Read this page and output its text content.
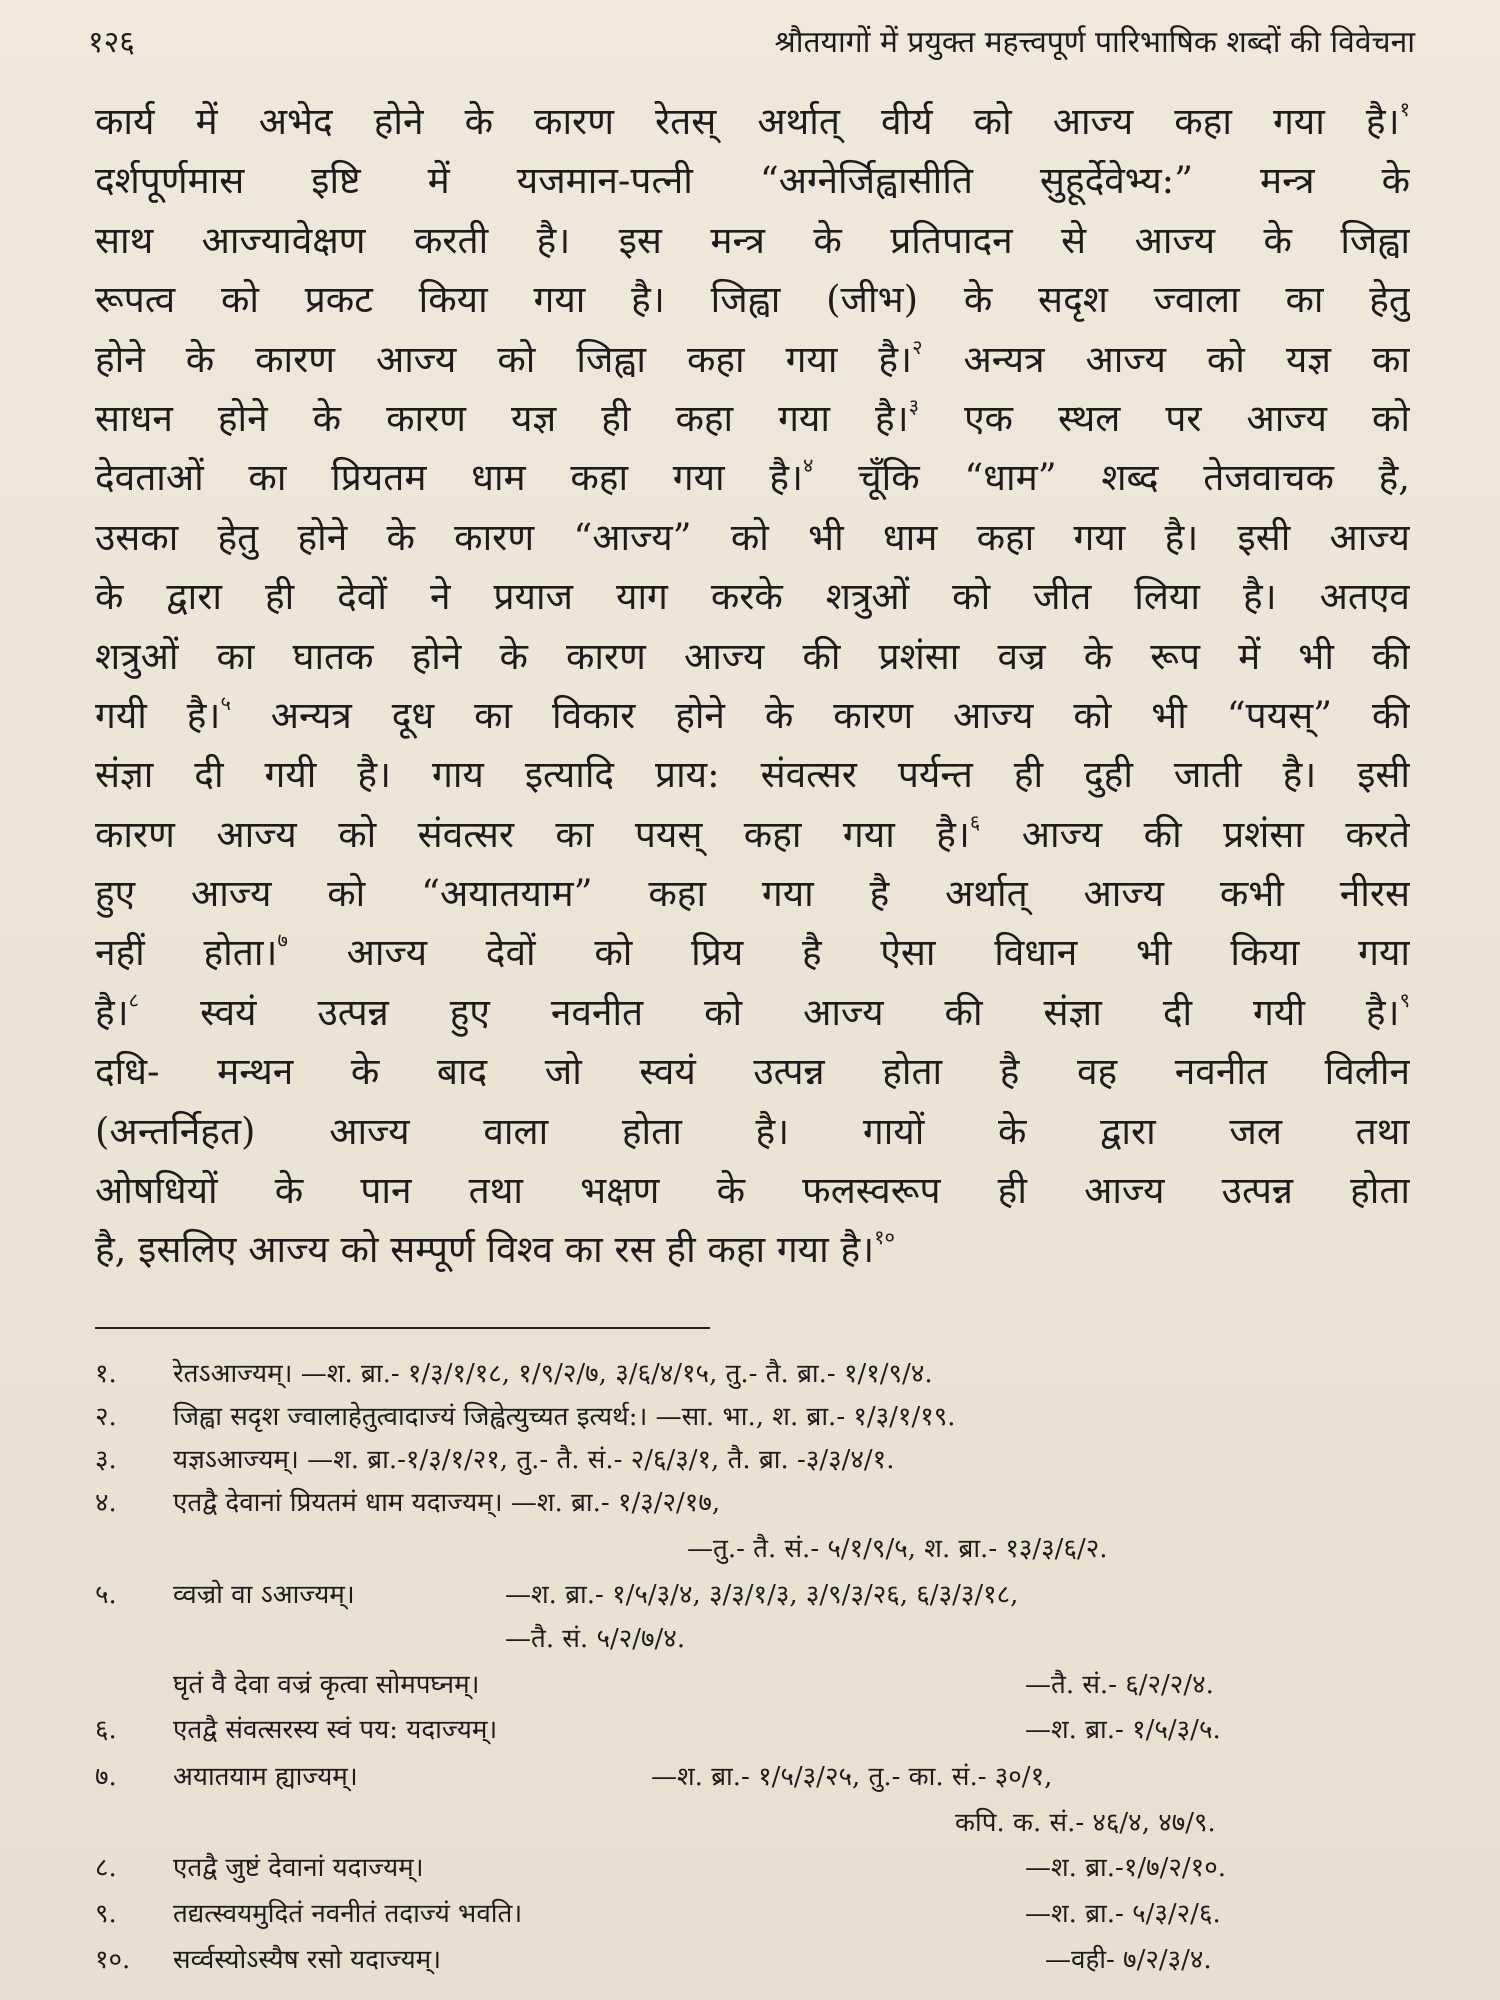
१२६	श्रौतयागों में प्रयुक्त महत्त्वपूर्ण पारिभाषिक शब्दों की विवेचना
कार्य में अभेद होने के कारण रेतस् अर्थात् वीर्य को आज्य कहा गया है।$^१$
दर्शपूर्णमास इष्टि में यजमान-पत्नी “अग्नेर्जिह्वासीति सुहूर्देवेभ्य:” मन्त्र के
साथ आज्यावेक्षण करती है। इस मन्त्र के प्रतिपादन से आज्य के जिह्वा
रूपत्व को प्रकट किया गया है। जिह्वा (जीभ) के सदृश ज्वाला का हेतु
होने के कारण आज्य को जिह्वा कहा गया है।$^२$ अन्यत्र आज्य को यज्ञ का
साधन होने के कारण यज्ञ ही कहा गया है।$^३$ एक स्थल पर आज्य को
देवताओं का प्रियतम धाम कहा गया है।$^४$ चूँकि “धाम” शब्द तेजवाचक है,
उसका हेतु होने के कारण “आज्य” को भी धाम कहा गया है। इसी आज्य
के द्वारा ही देवों ने प्रयाज याग करके शत्रुओं को जीत लिया है। अतएव
शत्रुओं का घातक होने के कारण आज्य की प्रशंसा वज्र के रूप में भी की
गयी है।$^५$ अन्यत्र दूध का विकार होने के कारण आज्य को भी “पयस्” की
संज्ञा दी गयी है। गाय इत्यादि प्राय: संवत्सर पर्यन्त ही दुही जाती है। इसी
कारण आज्य को संवत्सर का पयस् कहा गया है।$^६$ आज्य की प्रशंसा करते
हुए आज्य को “अयातयाम” कहा गया है अर्थात् आज्य कभी नीरस
नहीं होता।$^७$ आज्य देवों को प्रिय है ऐसा विधान भी किया गया
है।$^८$ स्वयं उत्पन्न हुए नवनीत को आज्य की संज्ञा दी गयी है।$^९$
दधि- मन्थन के बाद जो स्वयं उत्पन्न होता है वह नवनीत विलीन
(अन्तर्निहत) आज्य वाला होता है। गायों के द्वारा जल तथा
ओषधियों के पान तथा भक्षण के फलस्वरूप ही आज्य उत्पन्न होता
है, इसलिए आज्य को सम्पूर्ण विश्व का रस ही कहा गया है।$^{१०}$
१.	रेतऽआज्यम्। —श. ब्रा.- १/३/१/१८, १/९/२/७, ३/६/४/१५, तु.- तै. ब्रा.- १/१/९/४.
२.	जिह्वा सदृश ज्वालाहेतुत्वादाज्यं जिह्वेत्युच्यत इत्यर्थ:। —सा. भा., श. ब्रा.- १/३/१/१९.
३.	यज्ञऽआज्यम्। —श. ब्रा.-१/३/१/२१, तु.- तै. सं.- २/६/३/१, तै. ब्रा. -३/३/४/१.
४.	एतद्वै देवानां प्रियतमं धाम यदाज्यम्। —श. ब्रा.- १/३/२/१७,
—तु.- तै. सं.- ५/१/९/५, श. ब्रा.- १३/३/६/२.
५.	व्वज्रो वा ऽआज्यम्।	—श. ब्रा.- १/५/३/४, ३/३/१/३, ३/९/३/२६, ६/३/३/१८,
—तै. सं. ५/२/७/४.
घृतं वै देवा वज्रं कृत्वा सोमपघ्नम्।	—तै. सं.- ६/२/२/४.
६.	एतद्वै संवत्सरस्य स्वं पय: यदाज्यम्।	—श. ब्रा.- १/५/३/५.
७.	अयातयाम ह्याज्यम्।	—श. ब्रा.- १/५/३/२५, तु.- का. सं.- ३०/१,
कपि. क. सं.- ४६/४, ४७/९.
८.	एतद्वै जुष्टं देवानां यदाज्यम्।	—श. ब्रा.-१/७/२/१०.
९.	तद्यत्स्वयमुदितं नवनीतं तदाज्यं भवति।	—श. ब्रा.- ५/३/२/६.
१०.	सर्व्वस्योऽस्यैष रसो यदाज्यम्।	—वही- ७/२/३/४.
